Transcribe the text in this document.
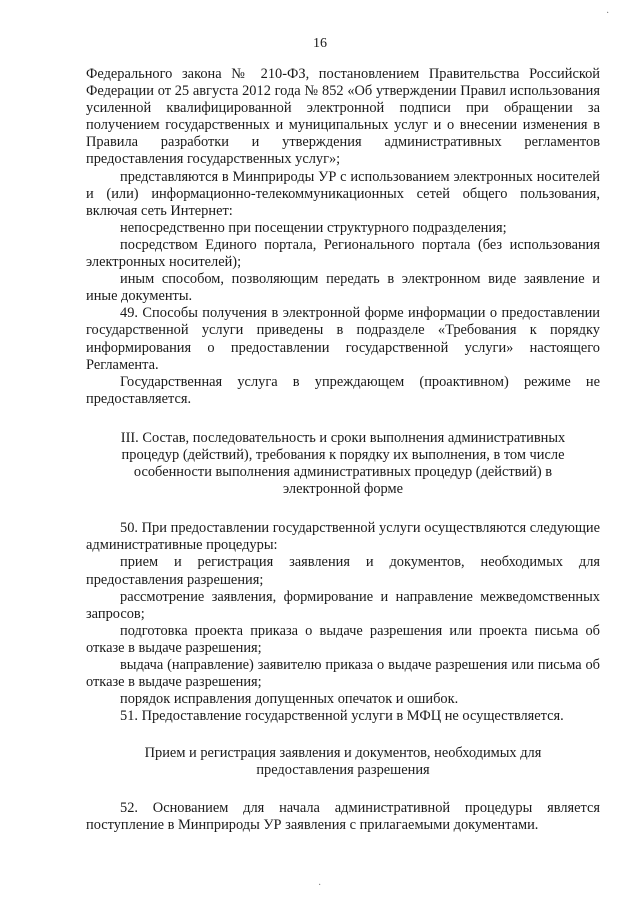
16

Федерального закона № 210-ФЗ, постановлением Правительства Российской Федерации от 25 августа 2012 года № 852 «Об утверждении Правил использования усиленной квалифицированной электронной подписи при обращении за получением государственных и муниципальных услуг и о внесении изменения в Правила разработки и утверждения административных регламентов предоставления государственных услуг»;

представляются в Минприроды УР с использованием электронных носителей и (или) информационно-телекоммуникационных сетей общего пользования, включая сеть Интернет:

непосредственно при посещении структурного подразделения;

посредством Единого портала, Регионального портала (без использования электронных носителей);

иным способом, позволяющим передать в электронном виде заявление и иные документы.

49. Способы получения в электронной форме информации о предоставлении государственной услуги приведены в подразделе «Требования к порядку информирования о предоставлении государственной услуги» настоящего Регламента.

Государственная услуга в упреждающем (проактивном) режиме не предоставляется.

III. Состав, последовательность и сроки выполнения административных процедур (действий), требования к порядку их выполнения, в том числе особенности выполнения административных процедур (действий) в электронной форме

50. При предоставлении государственной услуги осуществляются следующие административные процедуры:

прием и регистрация заявления и документов, необходимых для предоставления разрешения;

рассмотрение заявления, формирование и направление межведомственных запросов;

подготовка проекта приказа о выдаче разрешения или проекта письма об отказе в выдаче разрешения;

выдача (направление) заявителю приказа о выдаче разрешения или письма об отказе в выдаче разрешения;

порядок исправления допущенных опечаток и ошибок.

51. Предоставление государственной услуги в МФЦ не осуществляется.

Прием и регистрация заявления и документов, необходимых для предоставления разрешения

52. Основанием для начала административной процедуры является поступление в Минприроды УР заявления с прилагаемыми документами.

·
·
